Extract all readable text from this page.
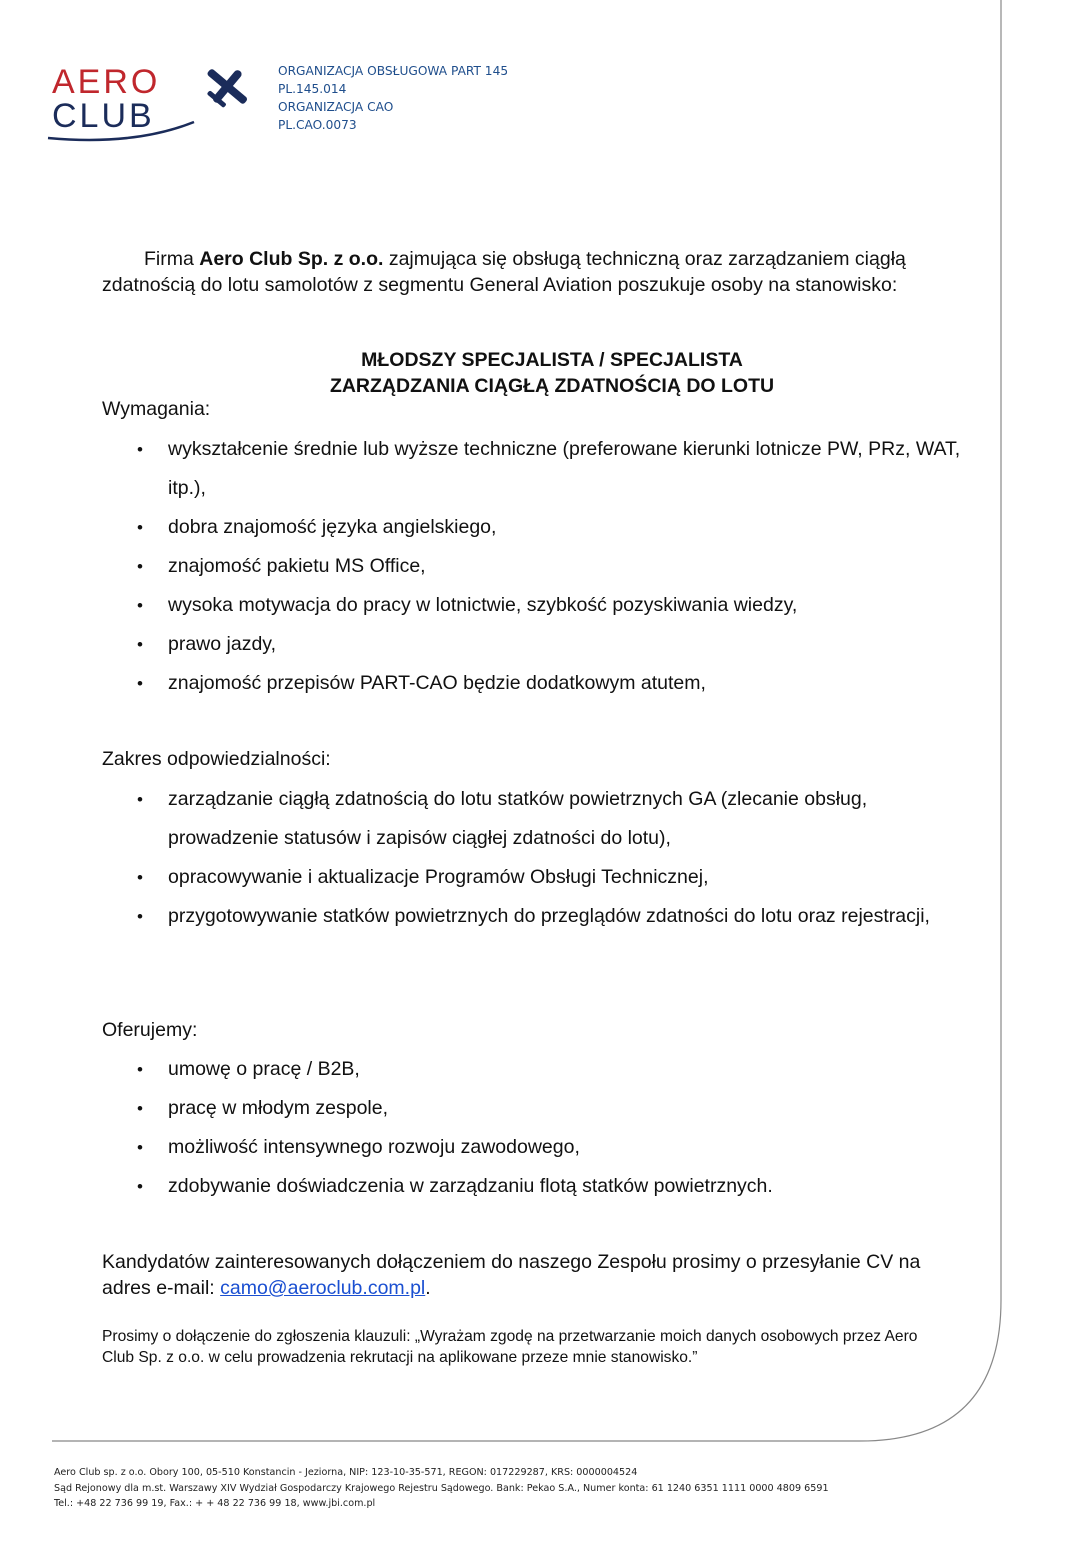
AERO
CLUB
ORGANIZACJA OBSŁUGOWA PART 145
PL.145.014
ORGANIZACJA CAO
PL.CAO.0073
Firma Aero Club Sp. z o.o. zajmująca się obsługą techniczną oraz zarządzaniem ciągłą zdatnością do lotu samolotów z segmentu General Aviation poszukuje osoby na stanowisko:
MŁODSZY SPECJALISTA / SPECJALISTA
ZARZĄDZANIA CIĄGŁĄ ZDATNOŚCIĄ DO LOTU
Wymagania:
• wykształcenie średnie lub wyższe techniczne (preferowane kierunki lotnicze PW, PRz, WAT, itp.),
• dobra znajomość języka angielskiego,
• znajomość pakietu MS Office,
• wysoka motywacja do pracy w lotnictwie, szybkość pozyskiwania wiedzy,
• prawo jazdy,
• znajomość przepisów PART-CAO będzie dodatkowym atutem,
Zakres odpowiedzialności:
• zarządzanie ciągłą zdatnością do lotu statków powietrznych GA (zlecanie obsług, prowadzenie statusów i zapisów ciągłej zdatności do lotu),
• opracowywanie i aktualizacje Programów Obsługi Technicznej,
• przygotowywanie statków powietrznych do przeglądów zdatności do lotu oraz rejestracji,
Oferujemy:
• umowę o pracę / B2B,
• pracę w młodym zespole,
• możliwość intensywnego rozwoju zawodowego,
• zdobywanie doświadczenia w zarządzaniu flotą statków powietrznych.
Kandydatów zainteresowanych dołączeniem do naszego Zespołu prosimy o przesyłanie CV na adres e-mail: camo@aeroclub.com.pl.
Prosimy o dołączenie do zgłoszenia klauzuli: „Wyrażam zgodę na przetwarzanie moich danych osobowych przez Aero Club Sp. z o.o. w celu prowadzenia rekrutacji na aplikowane przeze mnie stanowisko.”
Aero Club sp. z o.o. Obory 100, 05-510 Konstancin - Jeziorna, NIP: 123-10-35-571, REGON: 017229287, KRS: 0000004524
Sąd Rejonowy dla m.st. Warszawy XIV Wydział Gospodarczy Krajowego Rejestru Sądowego. Bank: Pekao S.A., Numer konta: 61 1240 6351 1111 0000 4809 6591
Tel.: +48 22 736 99 19, Fax.: + + 48 22 736 99 18, www.jbi.com.pl
